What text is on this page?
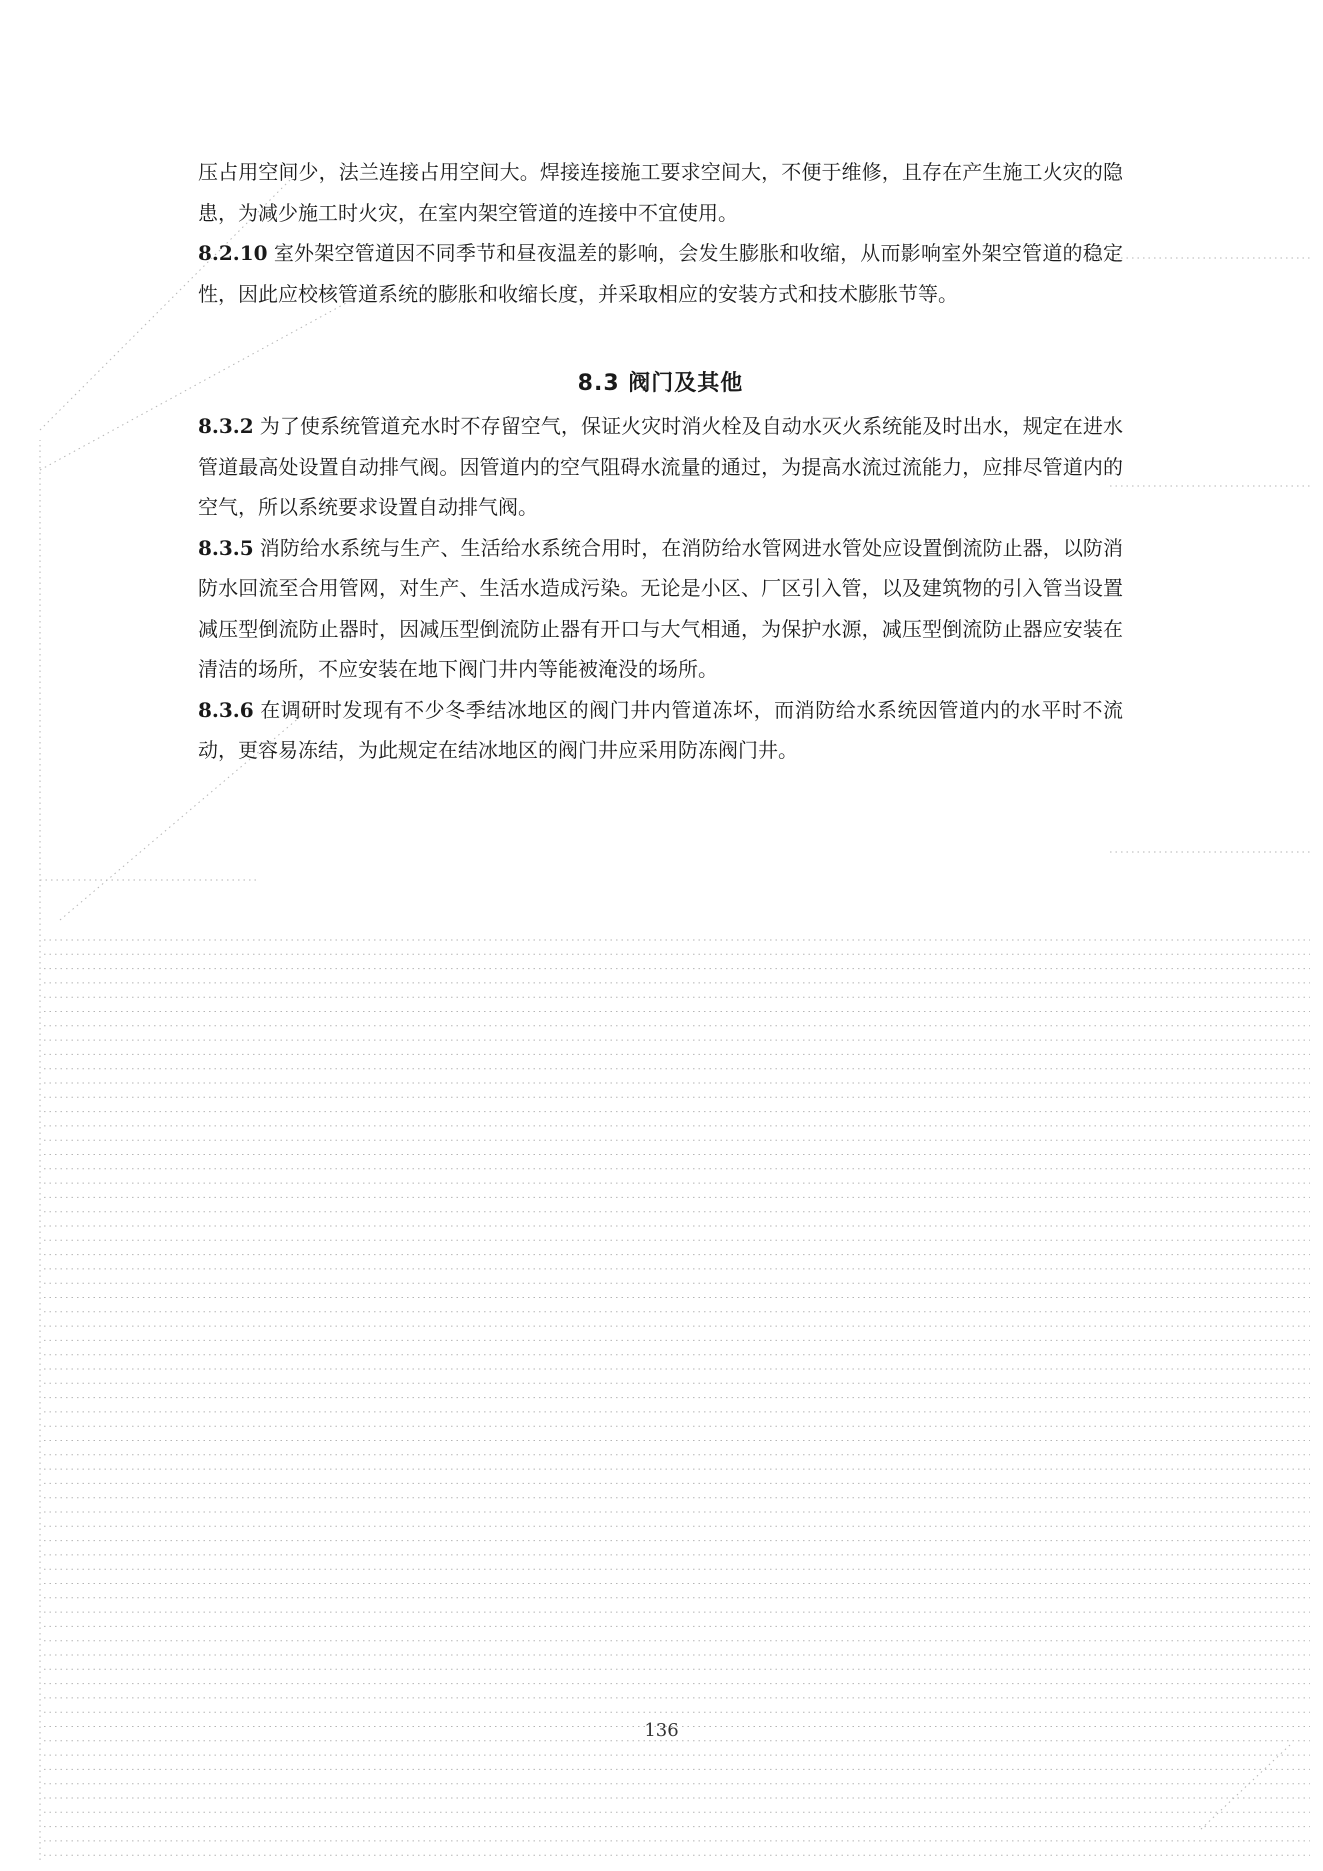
压占用空间少，法兰连接占用空间大。焊接连接施工要求空间大，不便于维修，且存在产生施工火灾的隐患，为减少施工时火灾，在室内架空管道的连接中不宜使用。

8.2.10 室外架空管道因不同季节和昼夜温差的影响，会发生膨胀和收缩，从而影响室外架空管道的稳定性，因此应校核管道系统的膨胀和收缩长度，并采取相应的安装方式和技术膨胀节等。

8.3 阀门及其他

8.3.2 为了使系统管道充水时不存留空气，保证火灾时消火栓及自动水灭火系统能及时出水，规定在进水管道最高处设置自动排气阀。因管道内的空气阻碍水流量的通过，为提高水流过流能力，应排尽管道内的空气，所以系统要求设置自动排气阀。

8.3.5 消防给水系统与生产、生活给水系统合用时，在消防给水管网进水管处应设置倒流防止器，以防消防水回流至合用管网，对生产、生活水造成污染。无论是小区、厂区引入管，以及建筑物的引入管当设置减压型倒流防止器时，因减压型倒流防止器有开口与大气相通，为保护水源，减压型倒流防止器应安装在清洁的场所，不应安装在地下阀门井内等能被淹没的场所。

8.3.6 在调研时发现有不少冬季结冰地区的阀门井内管道冻坏，而消防给水系统因管道内的水平时不流动，更容易冻结，为此规定在结冰地区的阀门井应采用防冻阀门井。

136
